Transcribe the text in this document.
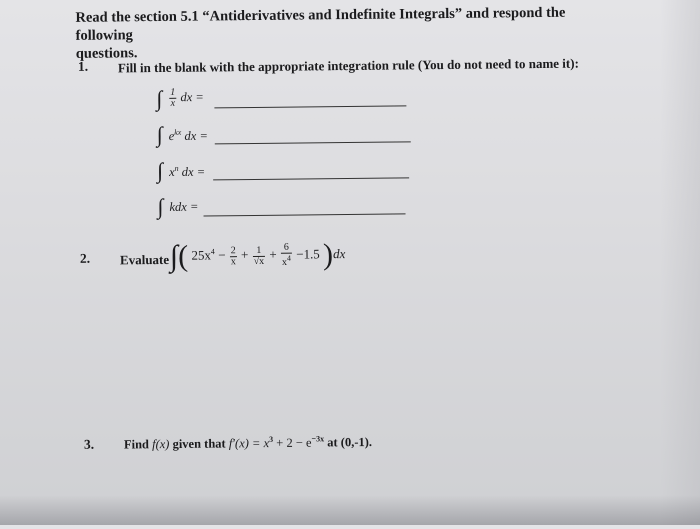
Read the section 5.1 “Antiderivatives and Indefinite Integrals” and respond the following
questions.
1. Fill in the blank with the appropriate integration rule (You do not need to name it):
∫ $\frac{1}{x}$ dx =
∫ $e^{kx}$ dx =
∫ $x^n$ dx =
∫ kdx =
2. Evaluate ∫( $25x^4 - \frac{2}{x} + \frac{1}{√x} + \frac{6}{x^4} -1.5$ )dx
3. Find f(x) given that $f'(x) = x^3 + 2 - e^{-3x}$ at (0,-1).
